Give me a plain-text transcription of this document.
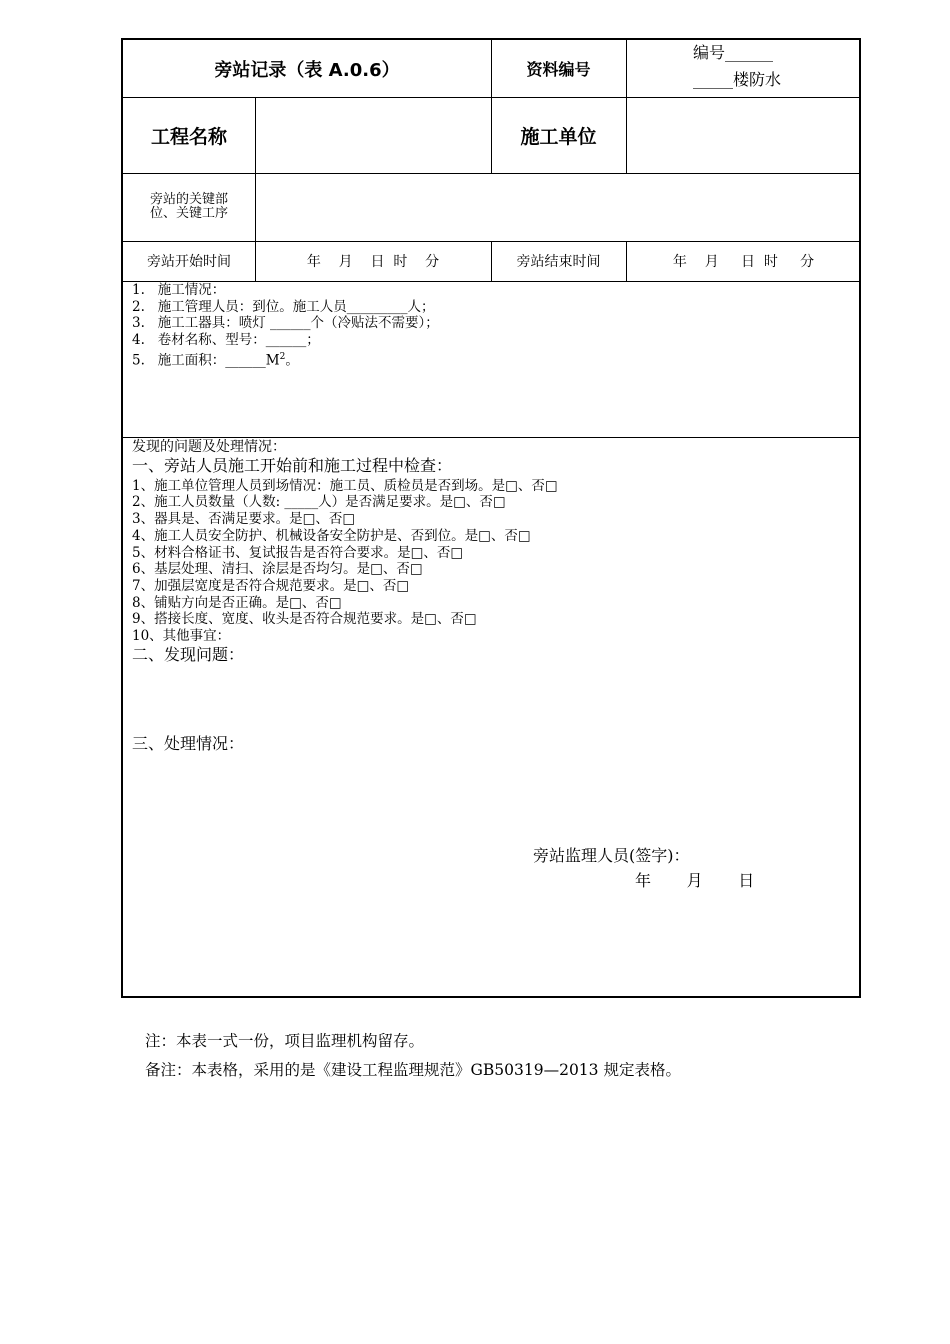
旁站记录（表 A.0.6）	资料编号
编号______
_____楼防水
工程名称	施工单位
旁站的关键部
位、关键工序
旁站开始时间	年    月    日  时    分	旁站结束时间	年    月     日  时     分
1.   施工情况：
2.   施工管理人员：到位。施工人员_________人；
3.   施工工器具：喷灯 ______个（冷贴法不需要）；
4.   卷材名称、型号：______；
5.   施工面积：$\_\_\_\_\_\_M^2$。
发现的问题及处理情况：
一、旁站人员施工开始前和施工过程中检查：
1、施工单位管理人员到场情况：施工员、质检员是否到场。是□、否□
2、施工人员数量（人数: _____人）是否满足要求。是□、否□
3、器具是、否满足要求。是□、否□
4、施工人员安全防护、机械设备安全防护是、否到位。是□、否□
5、材料合格证书、复试报告是否符合要求。是□、否□
6、基层处理、清扫、涂层是否均匀。是□、否□
7、加强层宽度是否符合规范要求。是□、否□
8、铺贴方向是否正确。是□、否□
9、搭接长度、宽度、收头是否符合规范要求。是□、否□
10、其他事宜：
二、发现问题：
三、处理情况：
旁站监理人员(签字)：
年       月       日
注：本表一式一份，项目监理机构留存。
备注：本表格，采用的是《建设工程监理规范》GB50319—2013 规定表格。
